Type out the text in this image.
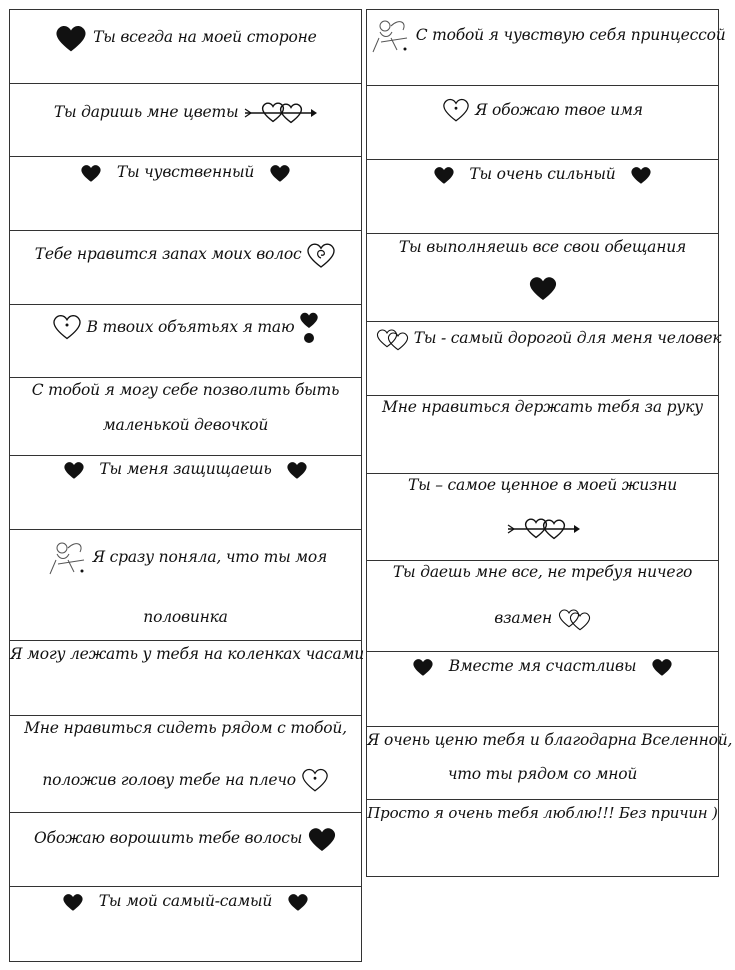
Ты всегда на моей стороне
Ты даришь мне цветы
Ты чувственный
Тебе нравится запах моих волос
В твоих объятьях я таю
С тобой я могу себе позволить быть
маленькой девочкой
Ты меня защищаешь
Я сразу поняла, что ты моя
половинка
Я могу лежать у тебя на коленках часами
Мне нравиться сидеть рядом с тобой,
положив голову тебе на плечо
Обожаю ворошить тебе волосы
Ты мой самый-самый
С тобой я чувствую себя принцессой
Я обожаю твое имя
Ты очень сильный
Ты выполняешь все свои обещания
Ты - самый дорогой для меня человек
Мне нравиться держать тебя за руку
Ты – самое ценное в моей жизни
Ты даешь мне все, не требуя ничего
взамен
Вместе мя счастливы
Я очень ценю тебя и благодарна Вселенной,
что ты рядом со мной
Просто я очень тебя люблю!!! Без причин )
